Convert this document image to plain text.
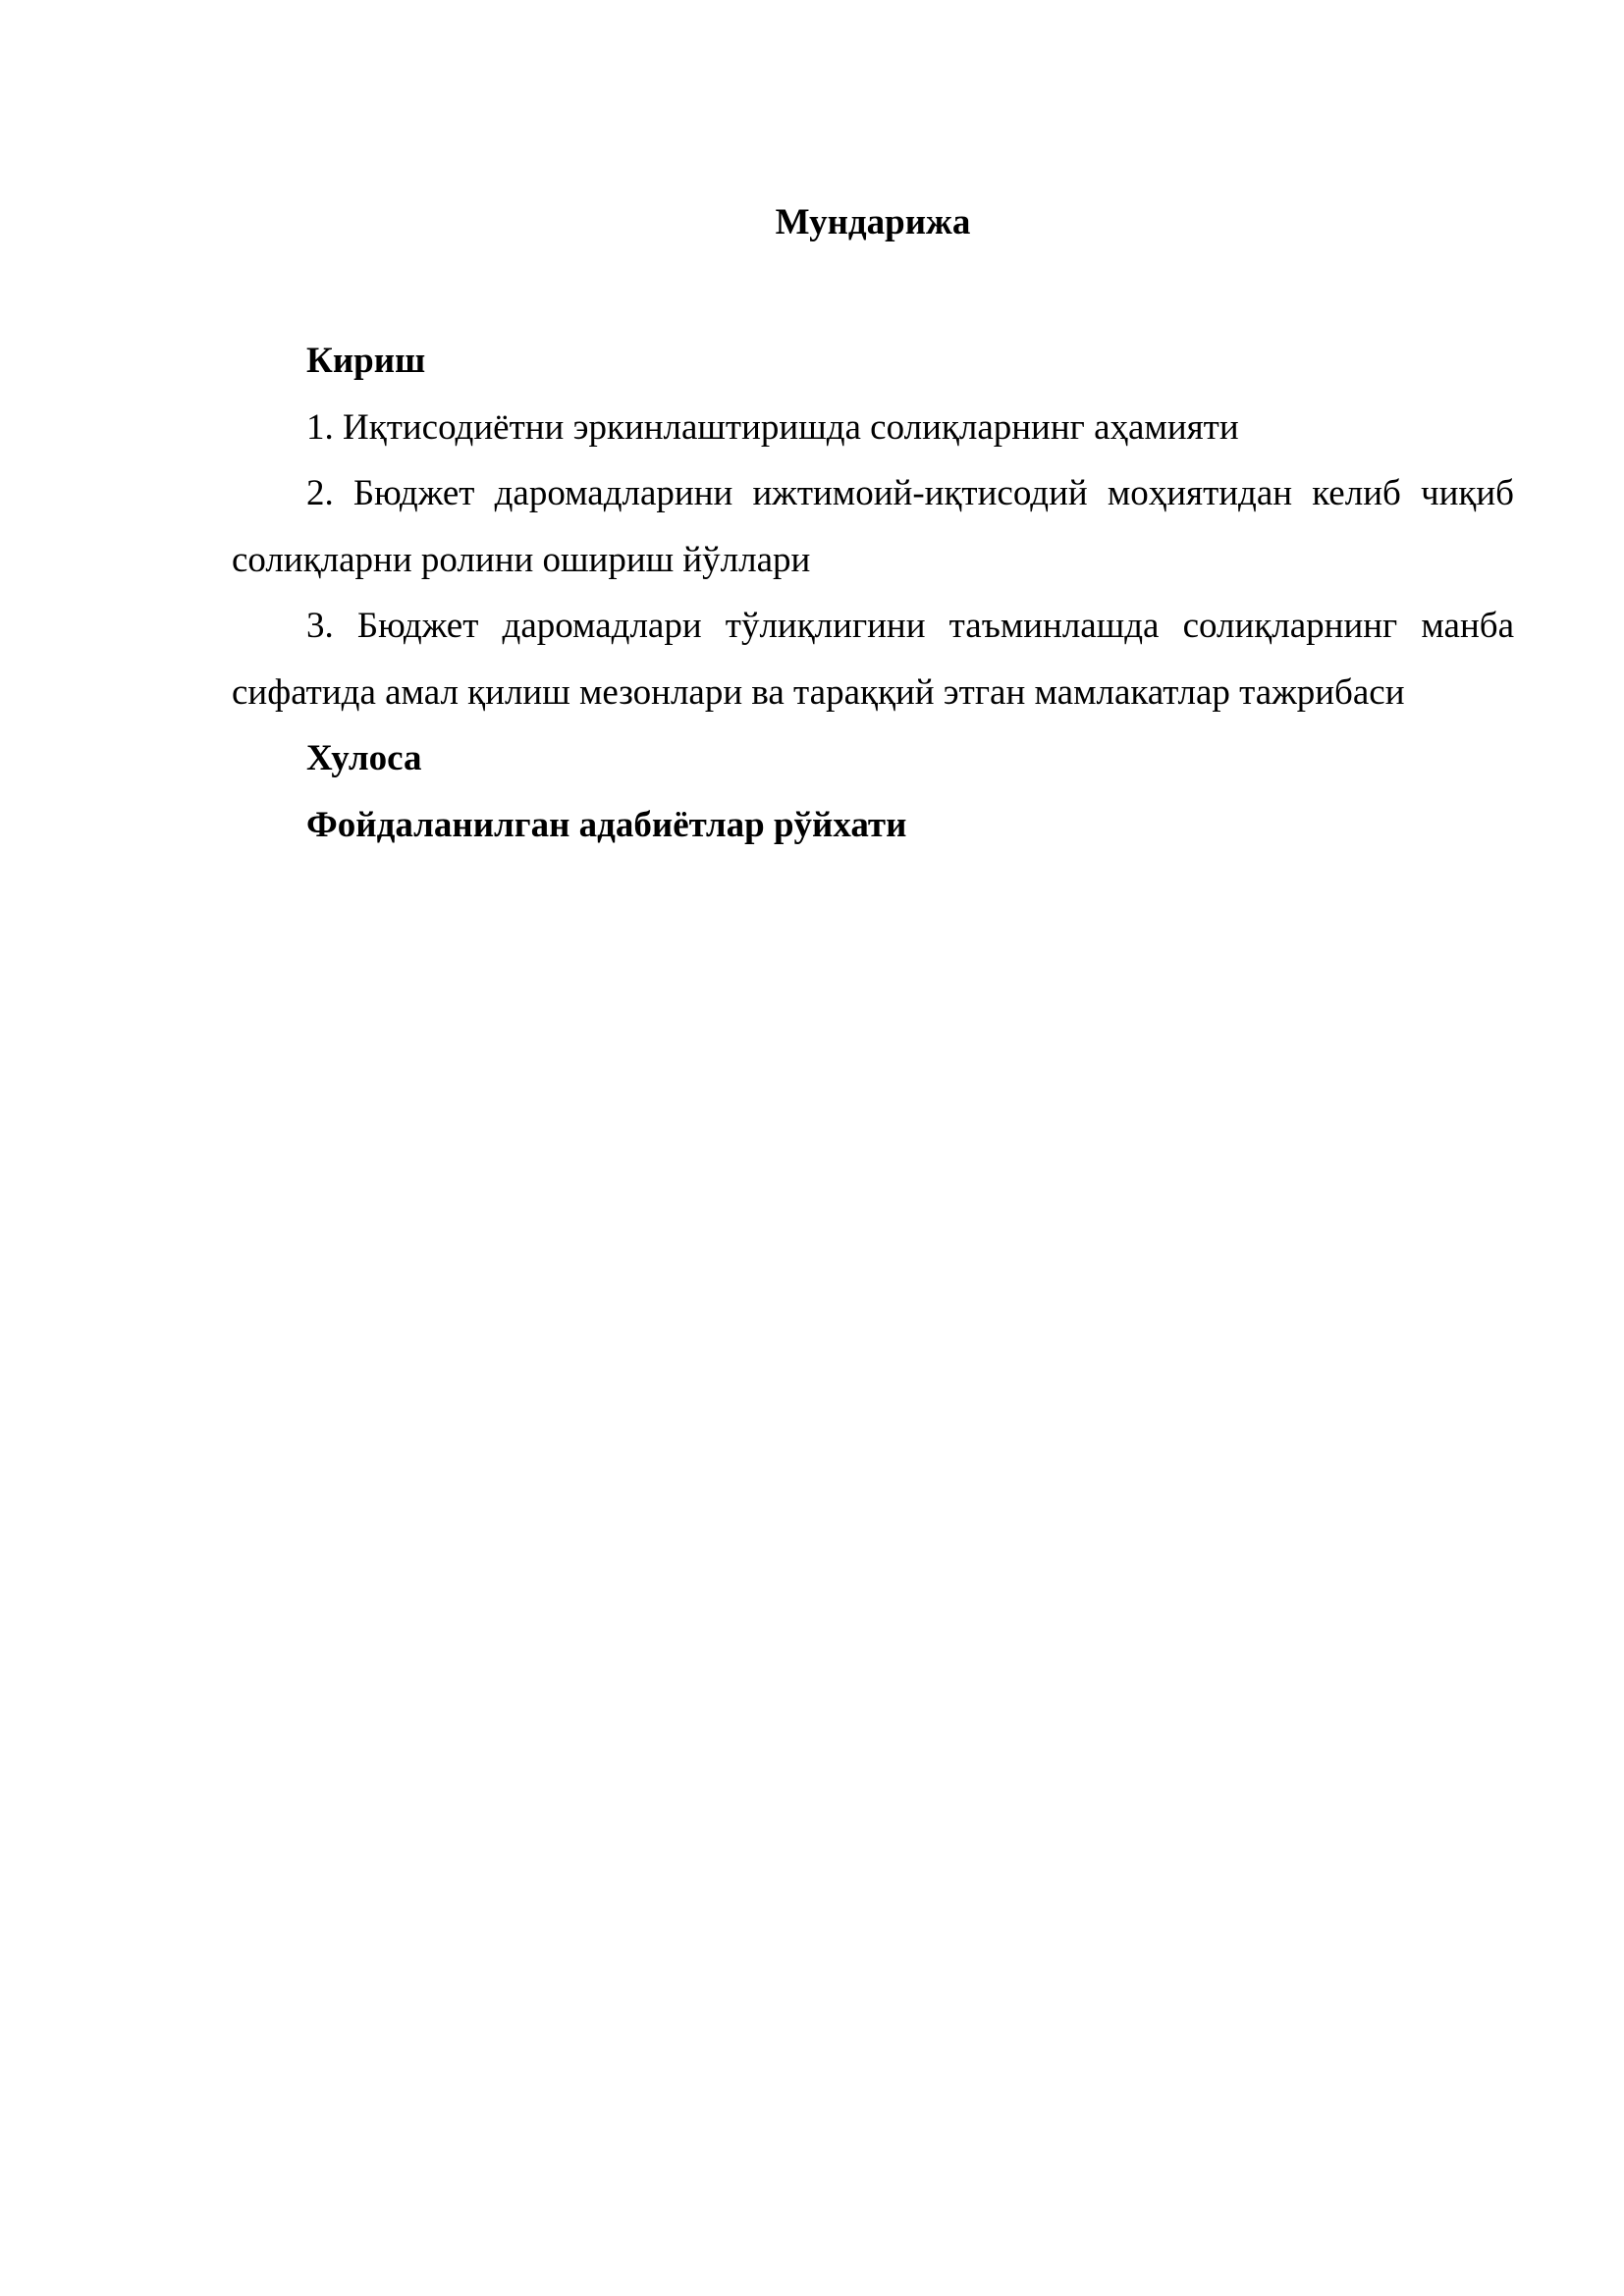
Мундарижа
Кириш
1. Иқтисодиётни эркинлаштиришда солиқларнинг аҳамияти
2. Бюджет даромадларини ижтимоий-иқтисодий моҳиятидан келиб чиқиб солиқларни ролини ошириш йўллари
3. Бюджет даромадлари тўлиқлигини таъминлашда солиқларнинг манба сифатида амал қилиш мезонлари ва тараққий этган мамлакатлар тажрибаси
Хулоса
Фойдаланилган адабиётлар рўйхати
